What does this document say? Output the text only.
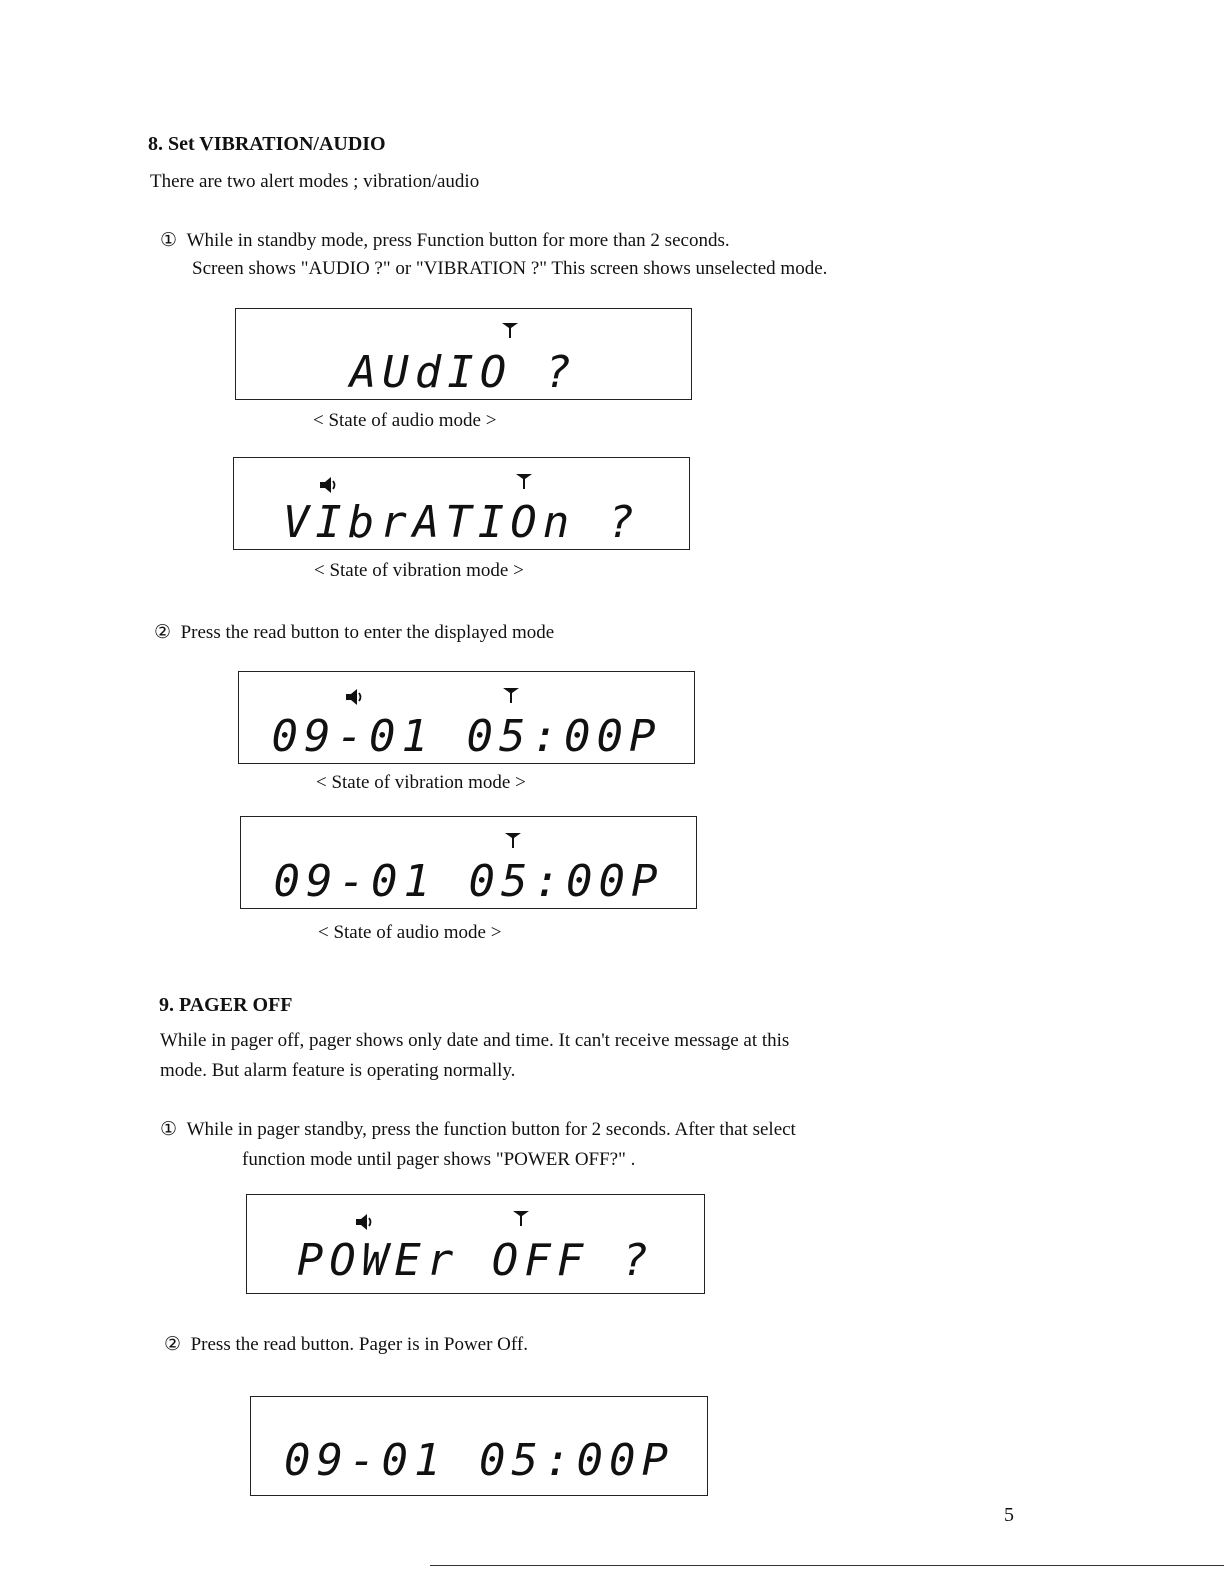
8. Set VIBRATION/AUDIO
There are two alert modes ; vibration/audio
① While in standby mode, press Function button for more than 2 seconds.
Screen shows "AUDIO ?" or "VIBRATION ?" This screen shows unselected mode.
AUdIO ?
< State of audio mode >
VIbrATIOn ?
< State of vibration mode >
② Press the read button to enter the displayed mode
09-01 05:00P
< State of vibration mode >
09-01 05:00P
< State of audio mode >
9. PAGER OFF
While in pager off, pager shows only date and time. It can't receive message at this
mode. But alarm feature is operating normally.
① While in pager standby, press the function button for 2 seconds. After that select
function mode until pager shows "POWER OFF?" .
POWEr OFF ?
② Press the read button. Pager is in Power Off.
09-01 05:00P
5
